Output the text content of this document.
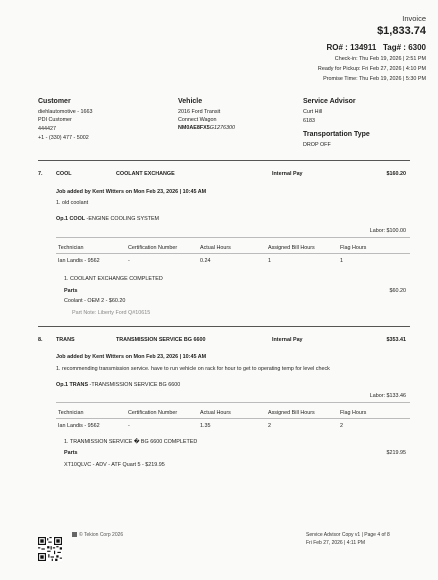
Invoice
$1,833.74
RO# : 134911 Tag# : 6300
Check-in: Thu Feb 19, 2026 | 2:51 PM
Ready for Pickup: Fri Feb 27, 2026 | 4:10 PM
Promise Time: Thu Feb 19, 2026 | 5:30 PM
Customer
diehlautomotive - 1663
PDI Customer
444427
+1 - (330) 477 - 5002
Vehicle
2016 Ford Transit
Connect Wagon
NM0AE8FX5G1276300
Service Advisor
Curt Hill
6183
Transportation Type
DROP OFF
7.	COOL	COOLANT EXCHANGE	Internal Pay	$160.20
Job added by Kent Witters on Mon Feb 23, 2026 | 10:45 AM
1. old coolant
Op.1 COOL -ENGINE COOLING SYSTEM
Labor: $100.00
Technician	Certification Number	Actual Hours	Assigned Bill Hours	Flag Hours
Ian Landis - 9562	-	0.24	1	1
1. COOLANT EXCHANGE COMPLETED
Parts	$60.20
Coolant - OEM 2 - $60.20
Part Note: Liberty Ford Q#10615
8.	TRANS	TRANSMISSION SERVICE BG 6600	Internal Pay	$353.41
Job added by Kent Witters on Mon Feb 23, 2026 | 10:45 AM
1. recommending transmission service. have to run vehicle on rack for hour to get to operating temp for level check
Op.1 TRANS -TRANSMISSION SERVICE BG 6600
Labor: $133.46
Technician	Certification Number	Actual Hours	Assigned Bill Hours	Flag Hours
Ian Landis - 9562	-	1.35	2	2
1. TRANMISSION SERVICE � BG 6600 COMPLETED
Parts	$219.95
XT10QLVC - ADV - ATF Quart 5 - $219.95
© Tekion Corp 2026	Service Advisor Copy v1 | Page 4 of 8
Fri Feb 27, 2026 | 4:11 PM
